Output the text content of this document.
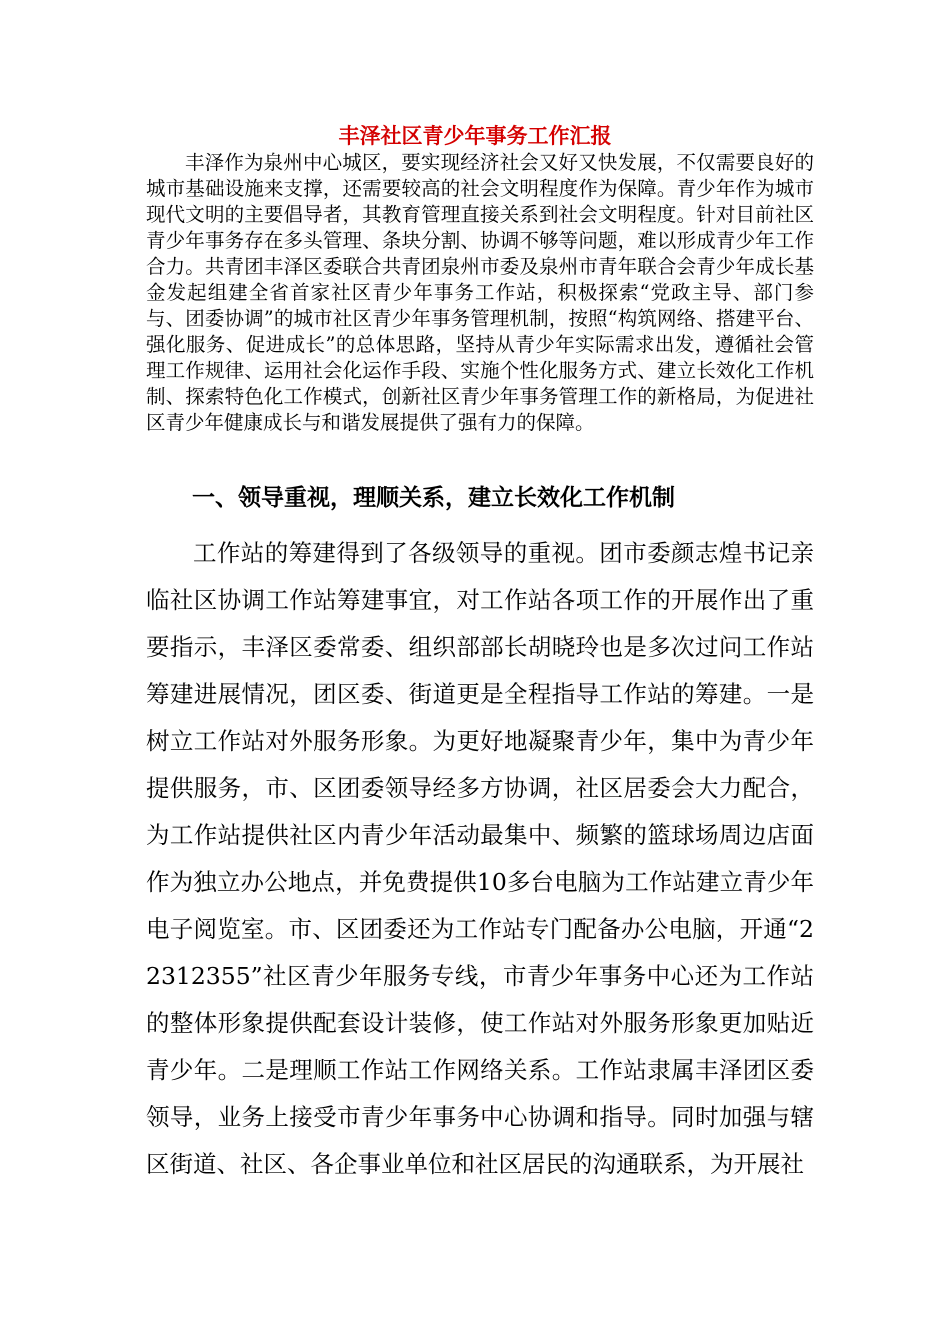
丰泽社区青少年事务工作汇报

丰泽作为泉州中心城区，要实现经济社会又好又快发展，不仅需要良好的城市基础设施来支撑，还需要较高的社会文明程度作为保障。青少年作为城市现代文明的主要倡导者，其教育管理直接关系到社会文明程度。针对目前社区青少年事务存在多头管理、条块分割、协调不够等问题，难以形成青少年工作合力。共青团丰泽区委联合共青团泉州市委及泉州市青年联合会青少年成长基金发起组建全省首家社区青少年事务工作站，积极探索“党政主导、部门参与、团委协调”的城市社区青少年事务管理机制，按照“构筑网络、搭建平台、强化服务、促进成长”的总体思路，坚持从青少年实际需求出发，遵循社会管理工作规律、运用社会化运作手段、实施个性化服务方式、建立长效化工作机制、探索特色化工作模式，创新社区青少年事务管理工作的新格局，为促进社区青少年健康成长与和谐发展提供了强有力的保障。

一、领导重视，理顺关系，建立长效化工作机制

工作站的筹建得到了各级领导的重视。团市委颜志煌书记亲临社区协调工作站筹建事宜，对工作站各项工作的开展作出了重要指示，丰泽区委常委、组织部部长胡晓玲也是多次过问工作站筹建进展情况，团区委、街道更是全程指导工作站的筹建。一是树立工作站对外服务形象。为更好地凝聚青少年，集中为青少年提供服务，市、区团委领导经多方协调，社区居委会大力配合，为工作站提供社区内青少年活动最集中、频繁的篮球场周边店面作为独立办公地点，并免费提供10多台电脑为工作站建立青少年电子阅览室。市、区团委还为工作站专门配备办公电脑，开通“22312355”社区青少年服务专线，市青少年事务中心还为工作站的整体形象提供配套设计装修，使工作站对外服务形象更加贴近青少年。二是理顺工作站工作网络关系。工作站隶属丰泽团区委领导，业务上接受市青少年事务中心协调和指导。同时加强与辖区街道、社区、各企事业单位和社区居民的沟通联系，为开展社
